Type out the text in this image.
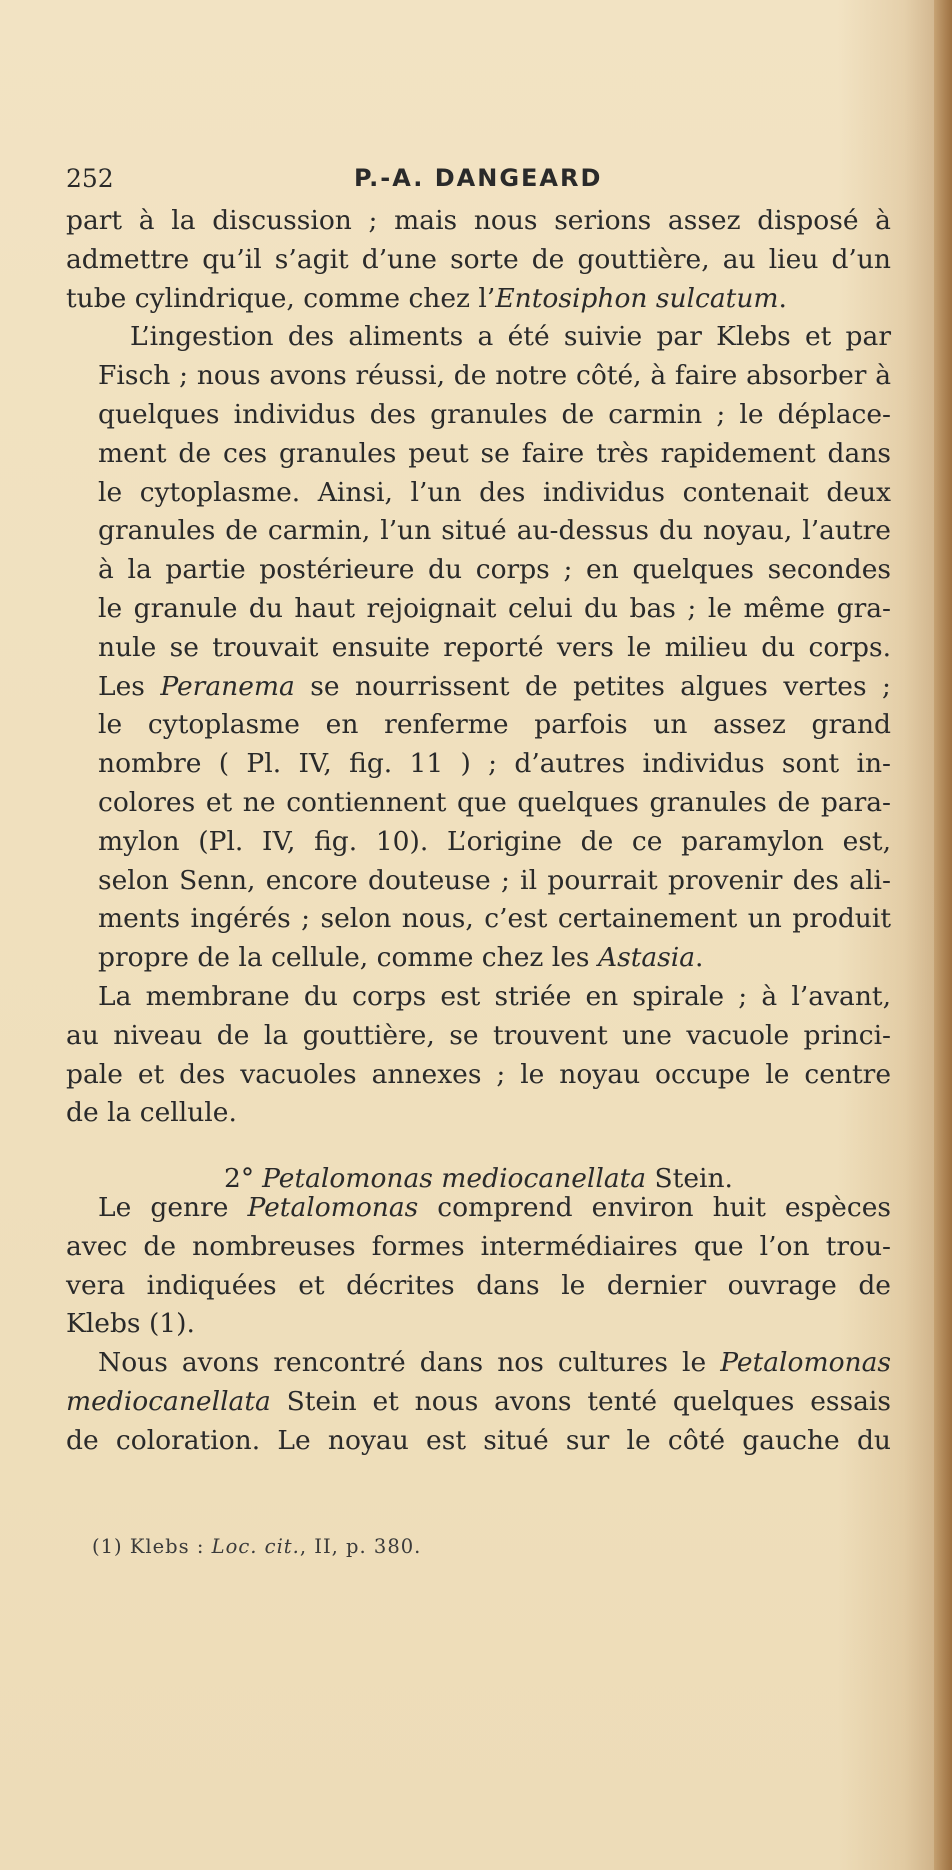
252	P.-A. DANGEARD

part à la discussion ; mais nous serions assez disposé à
admettre qu’il s’agit d’une sorte de gouttière, au lieu d’un
tube cylindrique, comme chez l’Entosiphon sulcatum.

L’ingestion des aliments a été suivie par Klebs et par
Fisch ; nous avons réussi, de notre côté, à faire absorber à
quelques individus des granules de carmin ; le déplace-
ment de ces granules peut se faire très rapidement dans
le cytoplasme. Ainsi, l’un des individus contenait deux
granules de carmin, l’un situé au-dessus du noyau, l’autre
à la partie postérieure du corps ; en quelques secondes
le granule du haut rejoignait celui du bas ; le même gra-
nule se trouvait ensuite reporté vers le milieu du corps.
Les Peranema se nourrissent de petites algues vertes ;
le cytoplasme en renferme parfois un assez grand
nombre ( Pl. IV, fig. 11 ) ; d’autres individus sont in-
colores et ne contiennent que quelques granules de para-
mylon (Pl. IV, fig. 10). L’origine de ce paramylon est,
selon Senn, encore douteuse ; il pourrait provenir des ali-
ments ingérés ; selon nous, c’est certainement un produit
propre de la cellule, comme chez les Astasia.

La membrane du corps est striée en spirale ; à l’avant,
au niveau de la gouttière, se trouvent une vacuole princi-
pale et des vacuoles annexes ; le noyau occupe le centre
de la cellule.

2° Petalomonas mediocanellata Stein.

Le genre Petalomonas comprend environ huit espèces
avec de nombreuses formes intermédiaires que l’on trou-
vera indiquées et décrites dans le dernier ouvrage de
Klebs (1).

Nous avons rencontré dans nos cultures le Petalomonas
mediocanellata Stein et nous avons tenté quelques essais
de coloration. Le noyau est situé sur le côté gauche du

(1) Klebs : Loc. cit., II, p. 380.
